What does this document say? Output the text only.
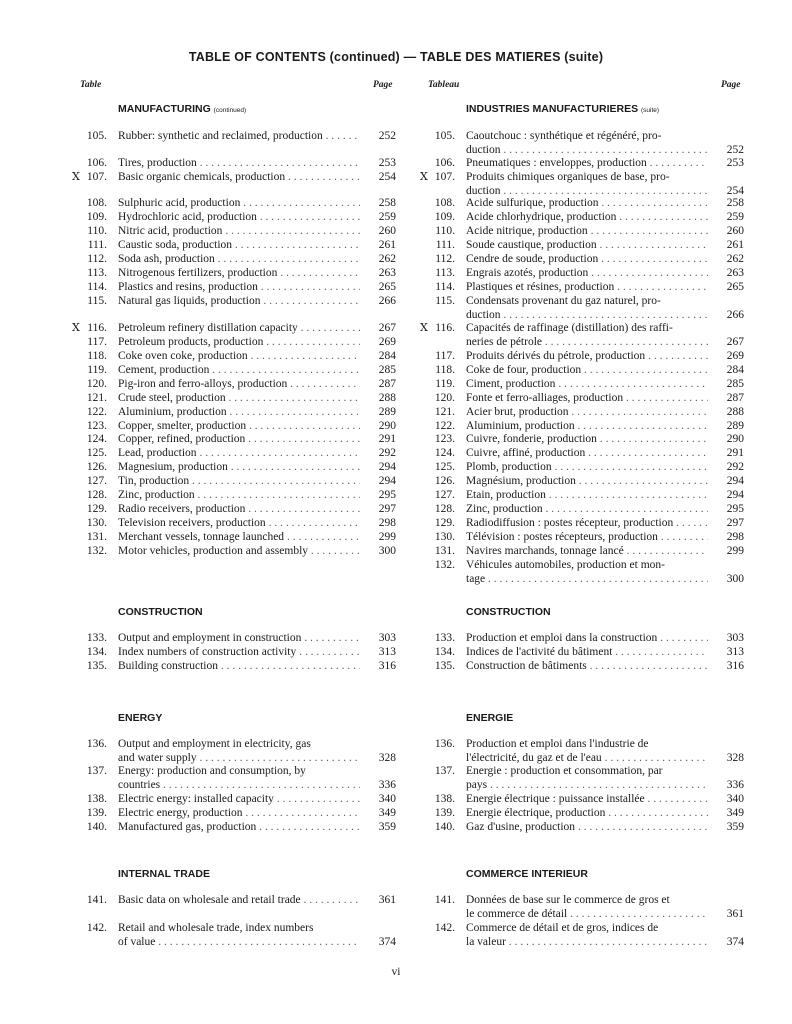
TABLE OF CONTENTS (continued) — TABLE DES MATIERES (suite)
Table	Page	Tableau	Page
MANUFACTURING (continued)
CONSTRUCTION
ENERGY
INTERNAL TRADE
105. Rubber: synthetic and reclaimed, production . . .	252
106. Tires, production . . .	253
Ⅹ 107. Basic organic chemicals, production . . .	254
108. Sulphuric acid, production . . .	258
109. Hydrochloric acid, production . . .	259
110. Nitric acid, production . . .	260
111. Caustic soda, production . . .	261
112. Soda ash, production . . .	262
113. Nitrogenous fertilizers, production . . .	263
114. Plastics and resins, production . . .	265
115. Natural gas liquids, production . . .	266
Ⅹ 116. Petroleum refinery distillation capacity . . .	267
117. Petroleum products, production . . .	269
118. Coke oven coke, production . . .	284
119. Cement, production . . .	285
120. Pig-iron and ferro-alloys, production . . .	287
121. Crude steel, production . . .	288
122. Aluminium, production . . .	289
123. Copper, smelter, production . . .	290
124. Copper, refined, production . . .	291
125. Lead, production . . .	292
126. Magnesium, production . . .	294
127. Tin, production . . .	294
128. Zinc, production . . .	295
129. Radio receivers, production . . .	297
130. Television receivers, production . . .	298
131. Merchant vessels, tonnage launched . . .	299
132. Motor vehicles, production and assembly . . .	300
133. Output and employment in construction . . .	303
134. Index numbers of construction activity . . .	313
135. Building construction . . .	316
136. Output and employment in electricity, gas
and water supply . . .	328
137. Energy: production and consumption, by
countries . . .	336
138. Electric energy: installed capacity . . .	340
139. Electric energy, production . . .	349
140. Manufactured gas, production . . .	359
141. Basic data on wholesale and retail trade . . .	361
142. Retail and wholesale trade, index numbers
of value . . .	374
INDUSTRIES MANUFACTURIERES (suite)
CONSTRUCTION
ENERGIE
COMMERCE INTERIEUR
105. Caoutchouc : synthétique et régénéré, pro-
duction . . .	252
106. Pneumatiques : enveloppes, production . . .	253
Ⅹ 107. Produits chimiques organiques de base, pro-
duction . . .	254
108. Acide sulfurique, production . . .	258
109. Acide chlorhydrique, production . . .	259
110. Acide nitrique, production . . .	260
111. Soude caustique, production . . .	261
112. Cendre de soude, production . . .	262
113. Engrais azotés, production . . .	263
114. Plastiques et résines, production . . .	265
115. Condensats provenant du gaz naturel, pro-
duction . . .	266
Ⅹ 116. Capacités de raffinage (distillation) des raffi-
neries de pétrole . . .	267
117. Produits dérivés du pétrole, production . . .	269
118. Coke de four, production . . .	284
119. Ciment, production . . .	285
120. Fonte et ferro-alliages, production . . .	287
121. Acier brut, production . . .	288
122. Aluminium, production . . .	289
123. Cuivre, fonderie, production . . .	290
124. Cuivre, affiné, production . . .	291
125. Plomb, production . . .	292
126. Magnésium, production . . .	294
127. Etain, production . . .	294
128. Zinc, production . . .	295
129. Radiodiffusion : postes récepteur, production . . .	297
130. Télévision : postes récepteurs, production . . .	298
131. Navires marchands, tonnage lancé . . .	299
132. Véhicules automobiles, production et mon-
tage . . .	300
133. Production et emploi dans la construction . . .	303
134. Indices de l'activité du bâtiment . . .	313
135. Construction de bâtiments . . .	316
136. Production et emploi dans l'industrie de
l'électricité, du gaz et de l'eau . . .	328
137. Energie : production et consommation, par
pays . . .	336
138. Energie électrique : puissance installée . . .	340
139. Energie électrique, production . . .	349
140. Gaz d'usine, production . . .	359
141. Données de base sur le commerce de gros et
le commerce de détail . . .	361
142. Commerce de détail et de gros, indices de
la valeur . . .	374
vi
